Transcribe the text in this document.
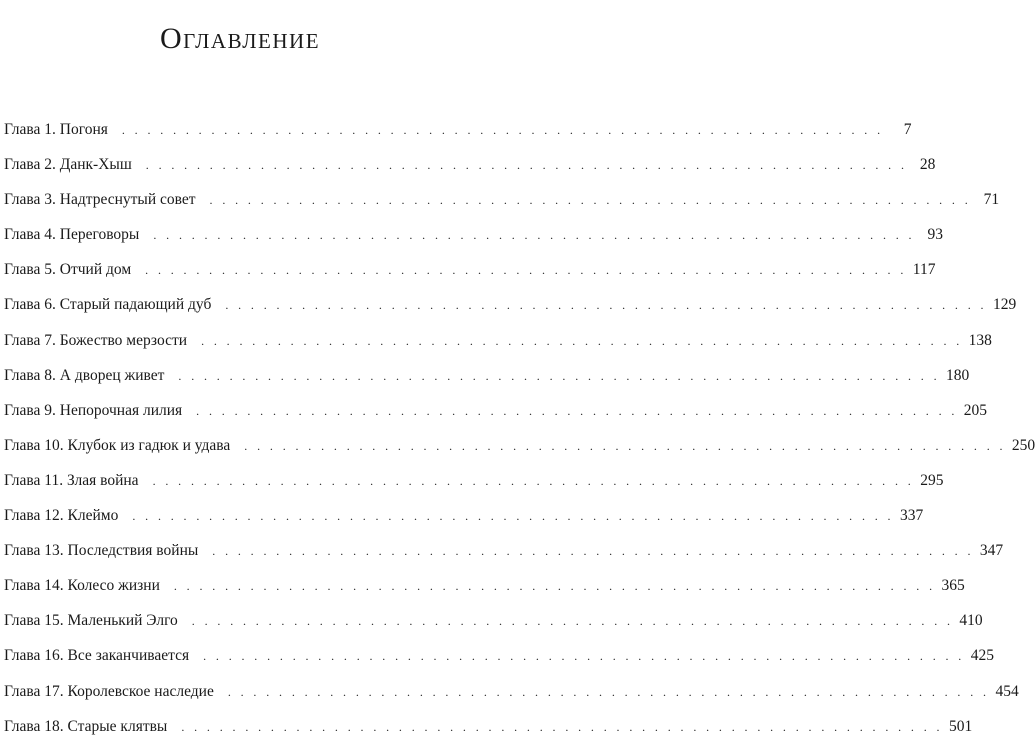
Оглавление
Глава 1. Погоня . . . . . . . . . . . . . . . . . . . . . . . . . . . . . . . . . . . . . . . . . . . . . . . . . . . . . . . . . . . .	7
Глава 2. Данк-Хыш . . . . . . . . . . . . . . . . . . . . . . . . . . . . . . . . . . . . . . . . . . . . . . . . . . . . . . . . . . . . 28
Глава 3. Надтреснутый совет . . . . . . . . . . . . . . . . . . . . . . . . . . . . . . . . . . . . . . . . . . . . . . . . . . . . . . . . . . . . 71
Глава 4. Переговоры . . . . . . . . . . . . . . . . . . . . . . . . . . . . . . . . . . . . . . . . . . . . . . . . . . . . . . . . . . . . 93
Глава 5. Отчий дом . . . . . . . . . . . . . . . . . . . . . . . . . . . . . . . . . . . . . . . . . . . . . . . . . . . . . . . . . . . . 117
Глава 6. Старый падающий дуб . . . . . . . . . . . . . . . . . . . . . . . . . . . . . . . . . . . . . . . . . . . . . . . . . . . . . . . . . . . . 129
Глава 7. Божество мерзости . . . . . . . . . . . . . . . . . . . . . . . . . . . . . . . . . . . . . . . . . . . . . . . . . . . . . . . . . . . . 138
Глава 8. А дворец живет . . . . . . . . . . . . . . . . . . . . . . . . . . . . . . . . . . . . . . . . . . . . . . . . . . . . . . . . . . . . 180
Глава 9. Непорочная лилия . . . . . . . . . . . . . . . . . . . . . . . . . . . . . . . . . . . . . . . . . . . . . . . . . . . . . . . . . . . . 205
Глава 10. Клубок из гадюк и удава . . . . . . . . . . . . . . . . . . . . . . . . . . . . . . . . . . . . . . . . . . . . . . . . . . . . . . . . . . . . 250
Глава 11. Злая война . . . . . . . . . . . . . . . . . . . . . . . . . . . . . . . . . . . . . . . . . . . . . . . . . . . . . . . . . . . . 295
Глава 12. Клеймо . . . . . . . . . . . . . . . . . . . . . . . . . . . . . . . . . . . . . . . . . . . . . . . . . . . . . . . . . . . . 337
Глава 13. Последствия войны . . . . . . . . . . . . . . . . . . . . . . . . . . . . . . . . . . . . . . . . . . . . . . . . . . . . . . . . . . . . 347
Глава 14. Колесо жизни . . . . . . . . . . . . . . . . . . . . . . . . . . . . . . . . . . . . . . . . . . . . . . . . . . . . . . . . . . . . 365
Глава 15. Маленький Элго . . . . . . . . . . . . . . . . . . . . . . . . . . . . . . . . . . . . . . . . . . . . . . . . . . . . . . . . . . . . 410
Глава 16. Все заканчивается . . . . . . . . . . . . . . . . . . . . . . . . . . . . . . . . . . . . . . . . . . . . . . . . . . . . . . . . . . . . 425
Глава 17. Королевское наследие . . . . . . . . . . . . . . . . . . . . . . . . . . . . . . . . . . . . . . . . . . . . . . . . . . . . . . . . . . . . 454
Глава 18. Старые клятвы . . . . . . . . . . . . . . . . . . . . . . . . . . . . . . . . . . . . . . . . . . . . . . . . . . . . . . . . . . . . 501
